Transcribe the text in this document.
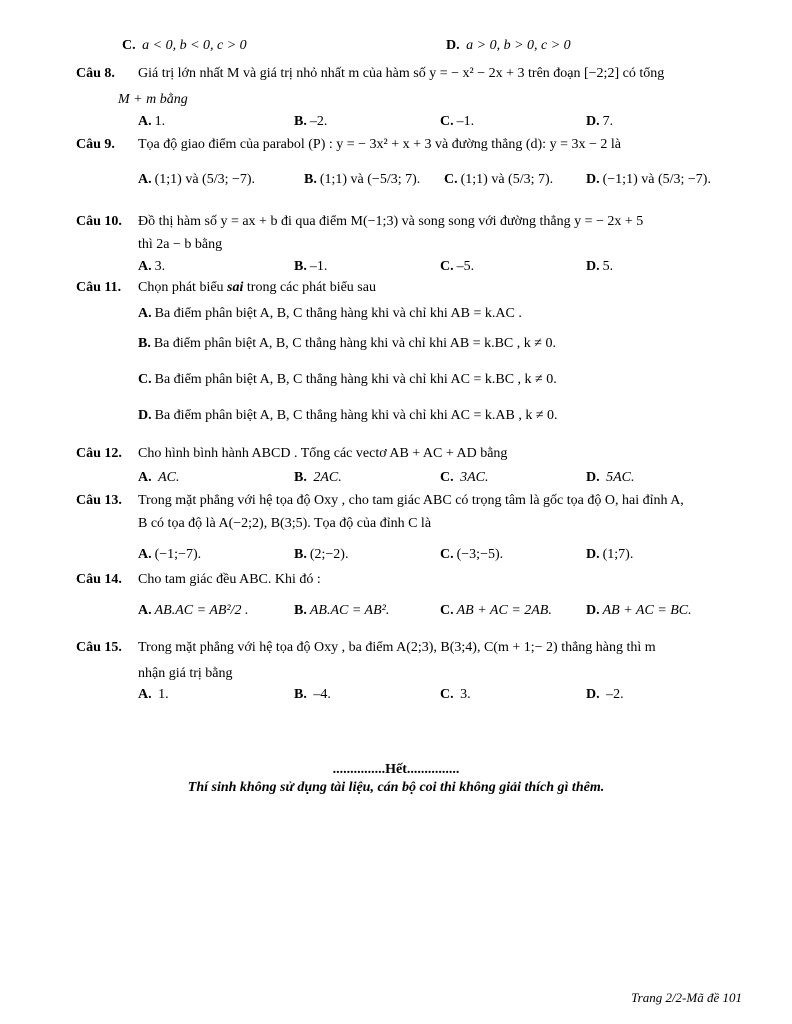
C. a < 0, b < 0, c > 0	D. a > 0, b > 0, c > 0
Câu 8. Giá trị lớn nhất M và giá trị nhỏ nhất m của hàm số y = − x² − 2x + 3 trên đoạn [−2;2] có tổng
M + m bằng
A. 1.	B. –2.	C. –1.	D. 7.
Câu 9. Tọa độ giao điểm của parabol (P) : y = − 3x² + x + 3 và đường thẳng (d): y = 3x − 2 là
A. (1;1) và (5/3; −7).	B. (1;1) và (−5/3; 7). C. (1;1) và (5/3; 7). D. (−1;1) và (5/3; −7).
Câu 10. Đồ thị hàm số y = ax + b đi qua điểm M(−1;3) và song song với đường thẳng y = − 2x + 5
thì 2a − b bằng
A. 3.	B. –1.	C. –5.	D. 5.
Câu 11. Chọn phát biểu sai trong các phát biểu sau
A. Ba điểm phân biệt A, B, C thẳng hàng khi và chỉ khi AB = k.AC .
B. Ba điểm phân biệt A, B, C thẳng hàng khi và chỉ khi AB = k.BC , k ≠ 0.
C. Ba điểm phân biệt A, B, C thẳng hàng khi và chỉ khi AC = k.BC , k ≠ 0.
D. Ba điểm phân biệt A, B, C thẳng hàng khi và chỉ khi AC = k.AB , k ≠ 0.
Câu 12. Cho hình bình hành ABCD . Tổng các vectơ AB + AC + AD bằng
A. AC.	B. 2AC.	C. 3AC.	D. 5AC.
Câu 13. Trong mặt phẳng với hệ tọa độ Oxy , cho tam giác ABC có trọng tâm là gốc tọa độ O, hai đỉnh A,
B có tọa độ là A(−2;2), B(3;5). Tọa độ của đỉnh C là
A. (−1;−7).	B. (2;−2).	C. (−3;−5).	D. (1;7).
Câu 14. Cho tam giác đều ABC. Khi đó :
A. AB.AC = AB²/2 .	B. AB.AC = AB².	C. AB + AC = 2AB. D. AB + AC = BC.
Câu 15. Trong mặt phẳng với hệ tọa độ Oxy , ba điểm A(2;3), B(3;4), C(m + 1;− 2) thẳng hàng thì m
nhận giá trị bằng
A. 1.	B. –4.	C. 3.	D. –2.
...............Hết...............
Thí sinh không sử dụng tài liệu, cán bộ coi thi không giải thích gì thêm.
Trang 2/2-Mã đề 101
